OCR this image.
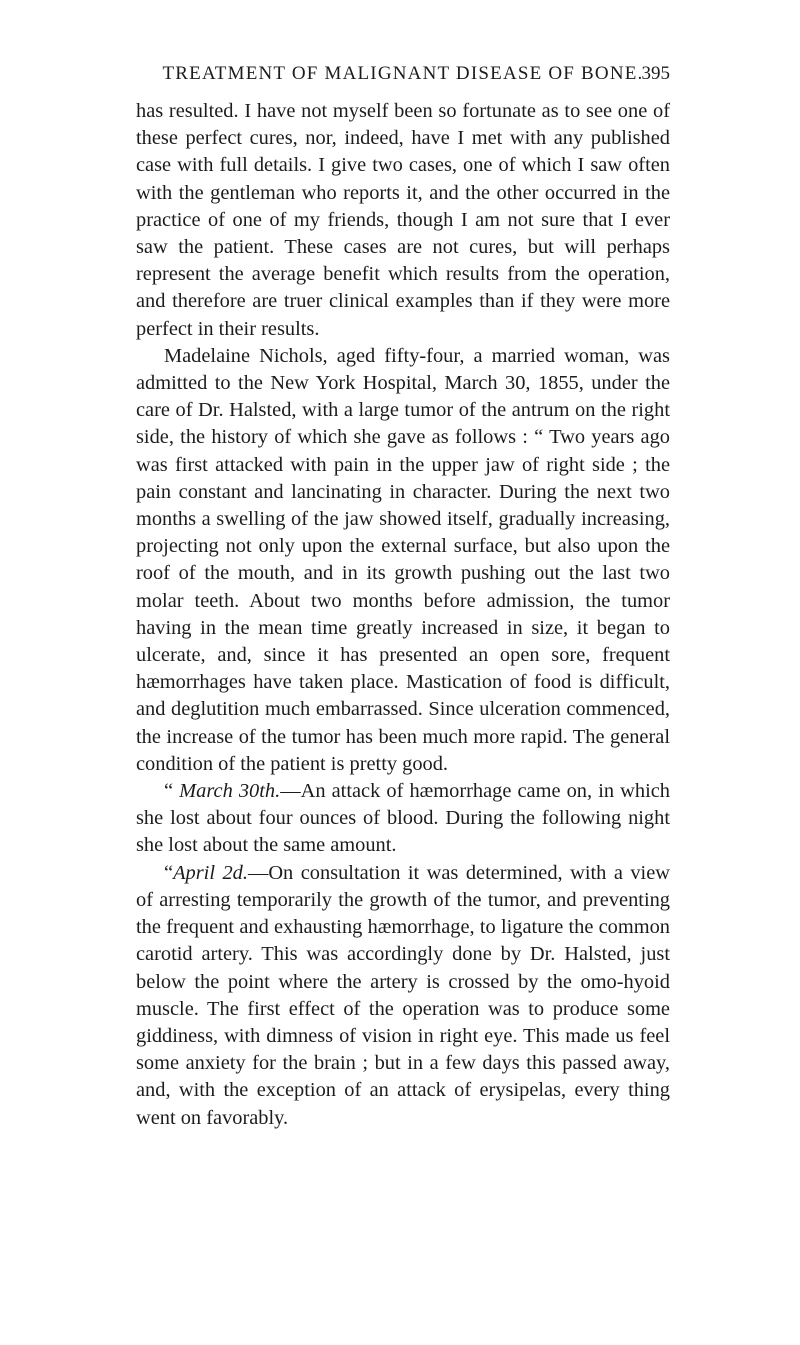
TREATMENT OF MALIGNANT DISEASE OF BONE.
395

has resulted. I have not myself been so fortunate as to see one of these perfect cures, nor, indeed, have I met with any published case with full details. I give two cases, one of which I saw often with the gentleman who reports it, and the other occurred in the practice of one of my friends, though I am not sure that I ever saw the patient. These cases are not cures, but will perhaps represent the average benefit which results from the operation, and therefore are truer clinical examples than if they were more perfect in their results.

Madelaine Nichols, aged fifty-four, a married woman, was admitted to the New York Hospital, March 30, 1855, under the care of Dr. Halsted, with a large tumor of the antrum on the right side, the history of which she gave as follows : “ Two years ago was first attacked with pain in the upper jaw of right side ; the pain constant and lancinating in character. During the next two months a swelling of the jaw showed itself, gradually increasing, projecting not only upon the external surface, but also upon the roof of the mouth, and in its growth pushing out the last two molar teeth. About two months before admission, the tumor having in the mean time greatly increased in size, it began to ulcerate, and, since it has presented an open sore, frequent hæmorrhages have taken place. Mastication of food is difficult, and deglutition much embarrassed. Since ulceration commenced, the increase of the tumor has been much more rapid. The general condition of the patient is pretty good.

“ March 30th.—An attack of hæmorrhage came on, in which she lost about four ounces of blood. During the following night she lost about the same amount.

“April 2d.—On consultation it was determined, with a view of arresting temporarily the growth of the tumor, and preventing the frequent and exhausting hæmorrhage, to ligature the common carotid artery. This was accordingly done by Dr. Halsted, just below the point where the artery is crossed by the omo-hyoid muscle. The first effect of the operation was to produce some giddiness, with dimness of vision in right eye. This made us feel some anxiety for the brain ; but in a few days this passed away, and, with the exception of an attack of erysipelas, every thing went on favorably.
